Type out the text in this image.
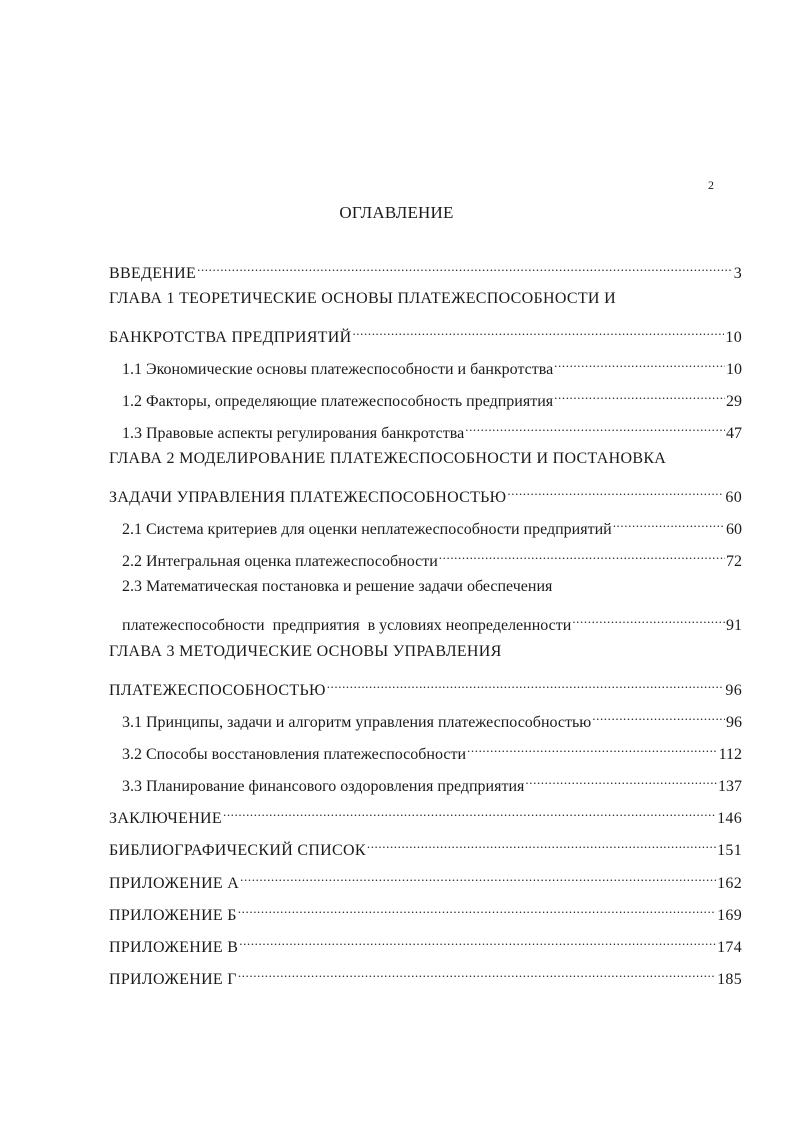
2
ОГЛАВЛЕНИЕ
ВВЕДЕНИЕ .....	3
ГЛАВА 1 ТЕОРЕТИЧЕСКИЕ ОСНОВЫ ПЛАТЕЖЕСПОСОБНОСТИ И
БАНКРОТСТВА ПРЕДПРИЯТИЙ .....	10
1.1 Экономические основы платежеспособности и банкротства .....	10
1.2 Факторы, определяющие платежеспособность предприятия .....	29
1.3 Правовые аспекты регулирования банкротства .....	47
ГЛАВА 2 МОДЕЛИРОВАНИЕ ПЛАТЕЖЕСПОСОБНОСТИ И ПОСТАНОВКА
ЗАДАЧИ УПРАВЛЕНИЯ ПЛАТЕЖЕСПОСОБНОСТЬЮ .....	60
2.1 Система критериев для оценки неплатежеспособности предприятий .....	60
2.2 Интегральная оценка платежеспособности .....	72
2.3 Математическая постановка и решение задачи обеспечения
платежеспособности  предприятия  в условиях неопределенности .....	91
ГЛАВА 3 МЕТОДИЧЕСКИЕ ОСНОВЫ УПРАВЛЕНИЯ
ПЛАТЕЖЕСПОСОБНОСТЬЮ .....	96
3.1 Принципы, задачи и алгоритм управления платежеспособностью .....	96
3.2 Способы восстановления платежеспособности .....	112
3.3 Планирование финансового оздоровления предприятия .....	137
ЗАКЛЮЧЕНИЕ .....	146
БИБЛИОГРАФИЧЕСКИЙ СПИСОК .....	151
ПРИЛОЖЕНИЕ А .....	162
ПРИЛОЖЕНИЕ Б .....	169
ПРИЛОЖЕНИЕ В .....	174
ПРИЛОЖЕНИЕ Г .....	185
